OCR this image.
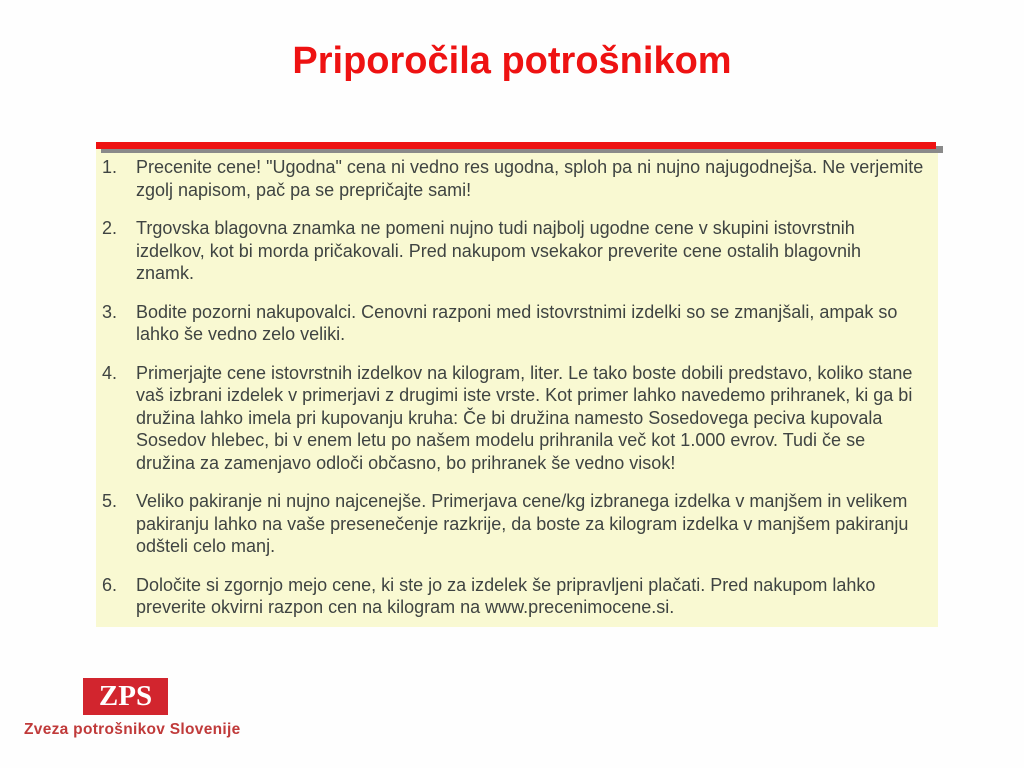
Priporočila potrošnikom
1.	Precenite cene! "Ugodna" cena ni vedno res ugodna, sploh pa ni nujno najugodnejša. Ne verjemite zgolj napisom, pač pa se prepričajte sami!
2.	Trgovska blagovna znamka ne pomeni nujno tudi najbolj ugodne cene v skupini istovrstnih izdelkov, kot bi morda pričakovali. Pred nakupom vsekakor preverite cene ostalih blagovnih znamk.
3.	Bodite pozorni nakupovalci. Cenovni razponi med istovrstnimi izdelki so se zmanjšali, ampak so lahko še vedno zelo veliki.
4.	Primerjajte cene istovrstnih izdelkov na kilogram, liter. Le tako boste dobili predstavo, koliko stane vaš izbrani izdelek v primerjavi z drugimi iste vrste. Kot primer lahko navedemo prihranek, ki ga bi družina lahko imela pri kupovanju kruha: Če bi družina namesto Sosedovega peciva kupovala Sosedov hlebec, bi v enem letu po našem modelu prihranila več kot 1.000 evrov. Tudi če se družina za zamenjavo odloči občasno, bo prihranek še vedno visok!
5.	Veliko pakiranje ni nujno najcenejše. Primerjava cene/kg izbranega izdelka v manjšem in velikem pakiranju lahko na vaše presenečenje razkrije, da boste za kilogram izdelka v manjšem pakiranju odšteli celo manj.
6.	Določite si zgornjo mejo cene, ki ste jo za izdelek še pripravljeni plačati. Pred nakupom lahko preverite okvirni razpon cen na kilogram na www.precenimocene.si.
ZPS
Zveza potrošnikov Slovenije
